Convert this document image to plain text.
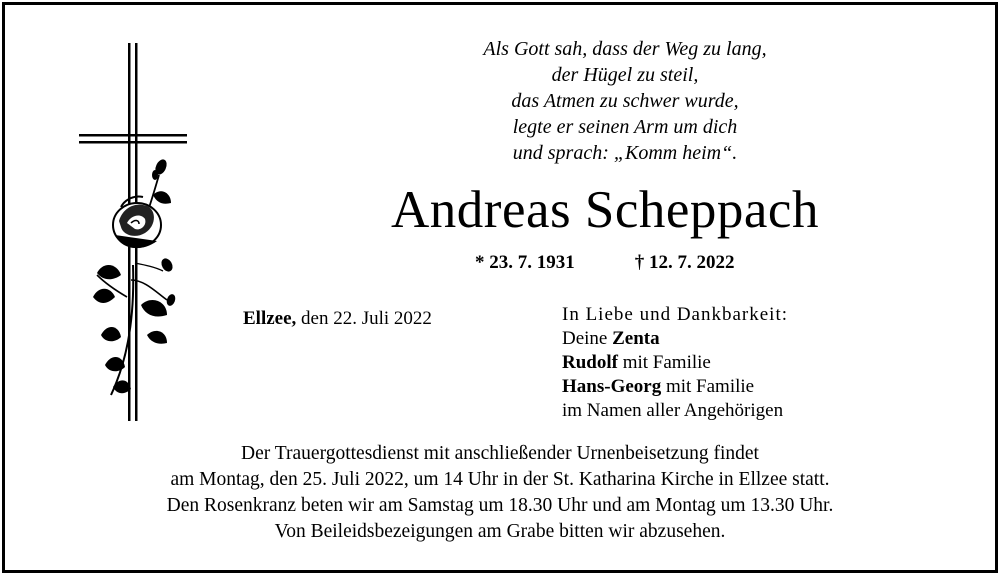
Als Gott sah, dass der Weg zu lang,
der Hügel zu steil,
das Atmen zu schwer wurde,
legte er seinen Arm um dich
und sprach: „Komm heim“.
Andreas Scheppach
* 23. 7. 1931	† 12. 7. 2022
Ellzee, den 22. Juli 2022	In Liebe und Dankbarkeit:
Deine Zenta
Rudolf mit Familie
Hans-Georg mit Familie
im Namen aller Angehörigen
Der Trauergottesdienst mit anschließender Urnenbeisetzung findet
am Montag, den 25. Juli 2022, um 14 Uhr in der St. Katharina Kirche in Ellzee statt.
Den Rosenkranz beten wir am Samstag um 18.30 Uhr und am Montag um 13.30 Uhr.
Von Beileidsbezeigungen am Grabe bitten wir abzusehen.
